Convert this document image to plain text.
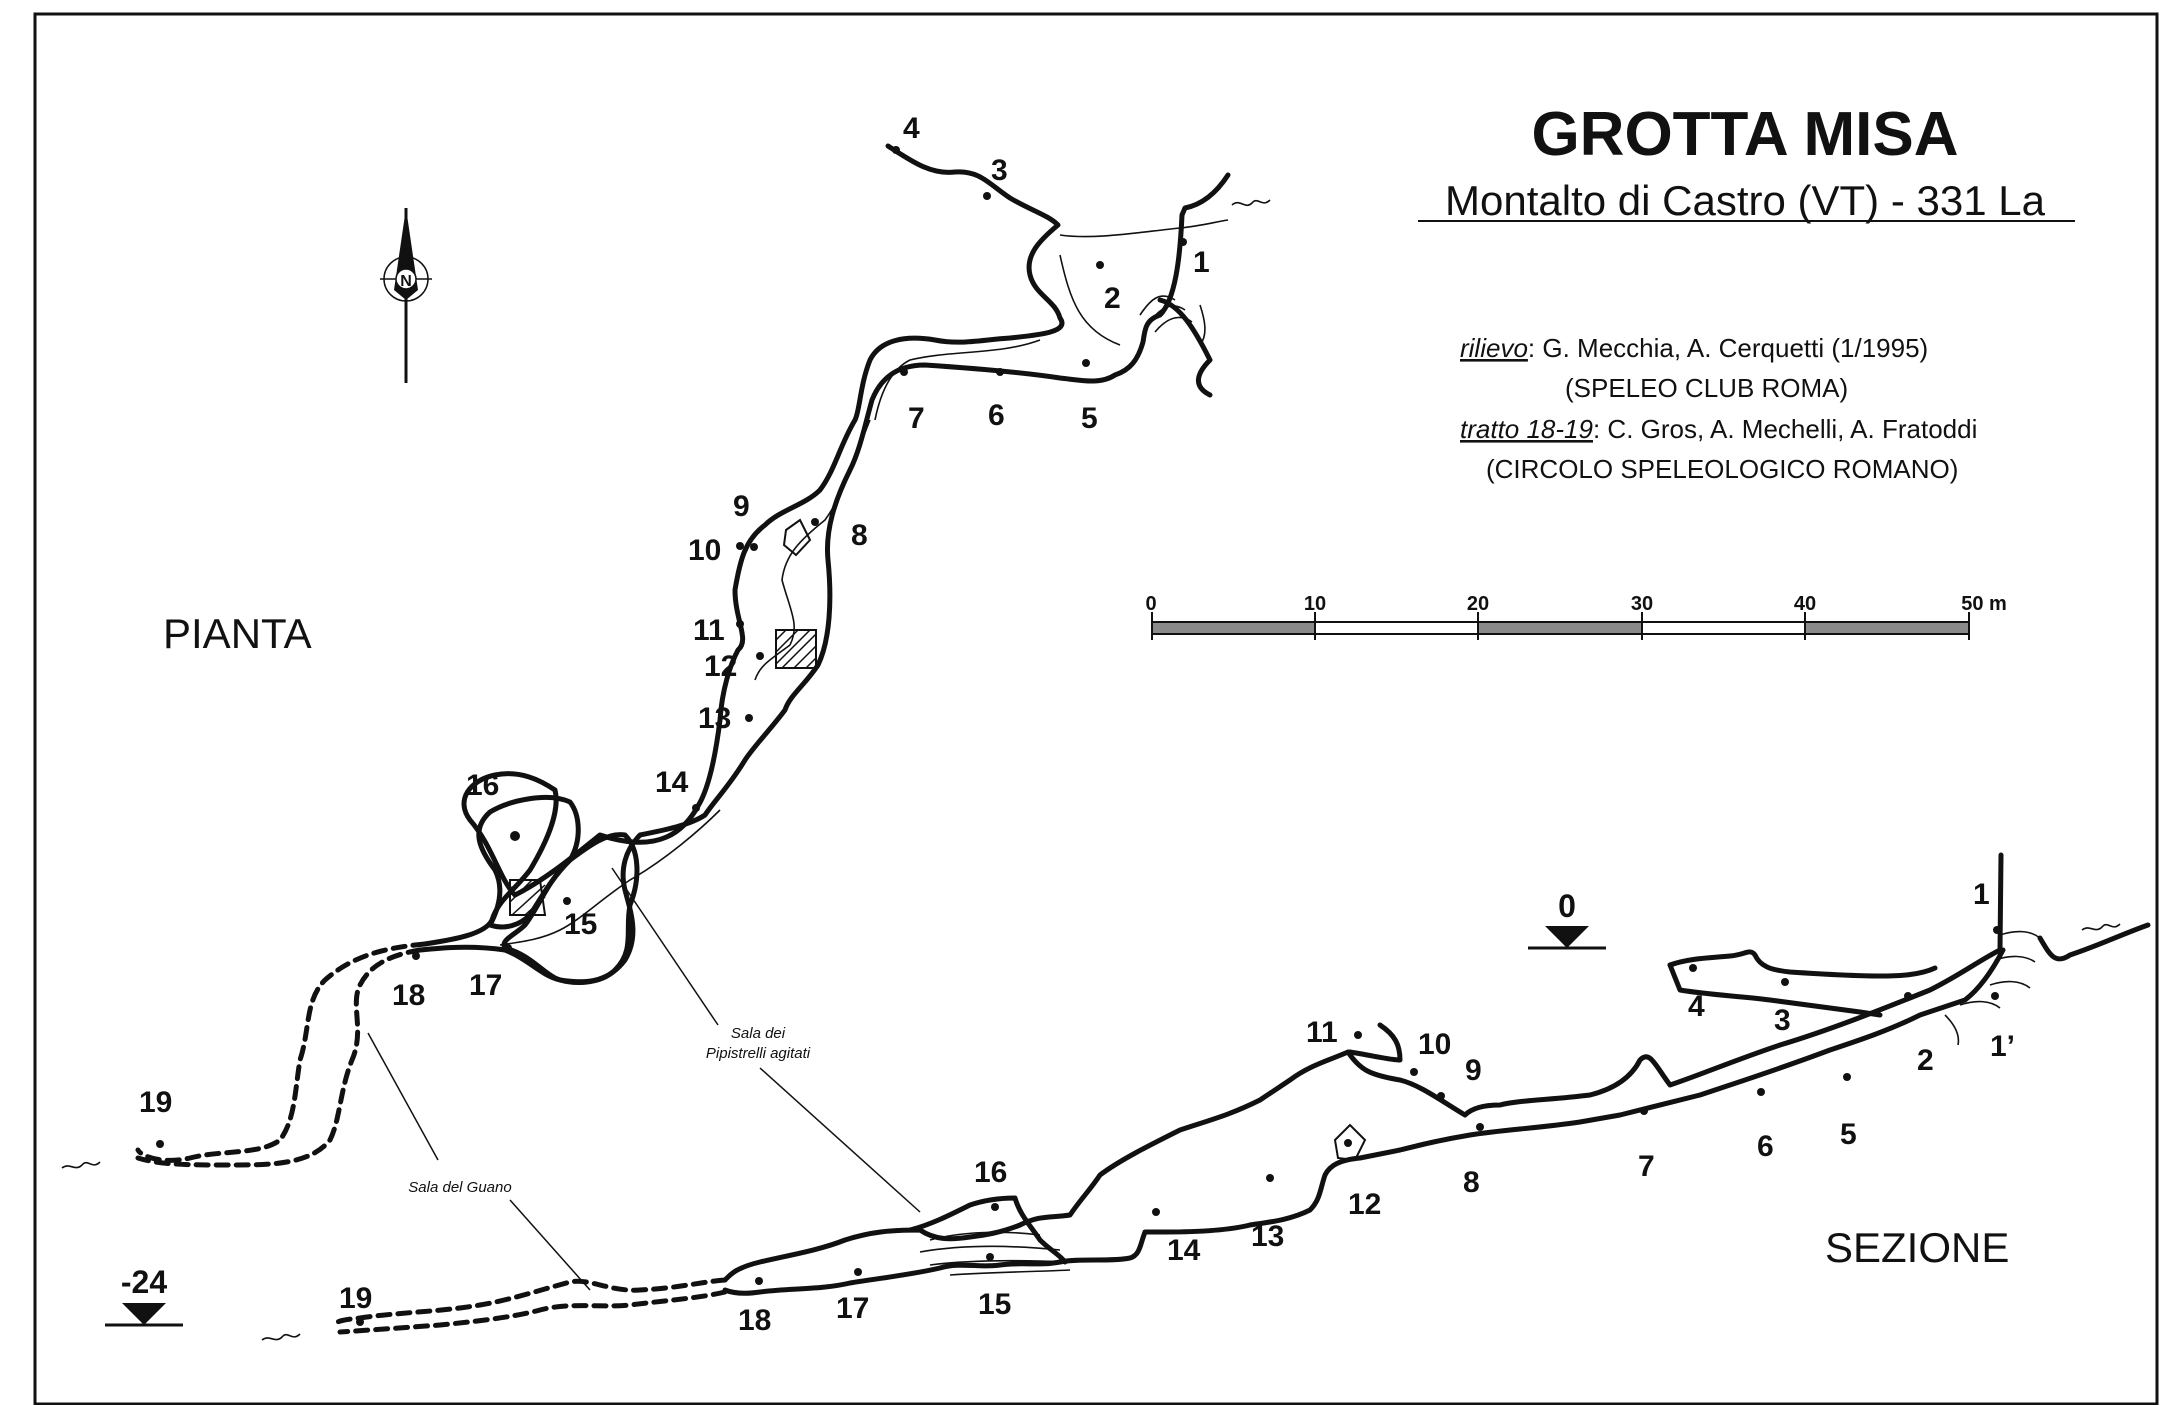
GROTTA MISA
Montalto di Castro (VT) - 331 La
rilievo: G. Mecchia, A. Cerquetti (1/1995)
(SPELEO CLUB ROMA)
tratto 18-19: C. Gros, A. Mechelli, A. Fratoddi
(CIRCOLO SPELEOLOGICO ROMANO)
0	10	20	30	40	50 m
N
PIANTA
SEZIONE
1
2
3
4
5
6
7
8
9
10
11
12
13
14
15
16
17
18
19
Sala dei
Pipistrelli agitati
Sala del Guano
1
1’
2
3
4
5
6
7
8
9
10
11
12
13
14
15
16
17
18
19
0
-24
